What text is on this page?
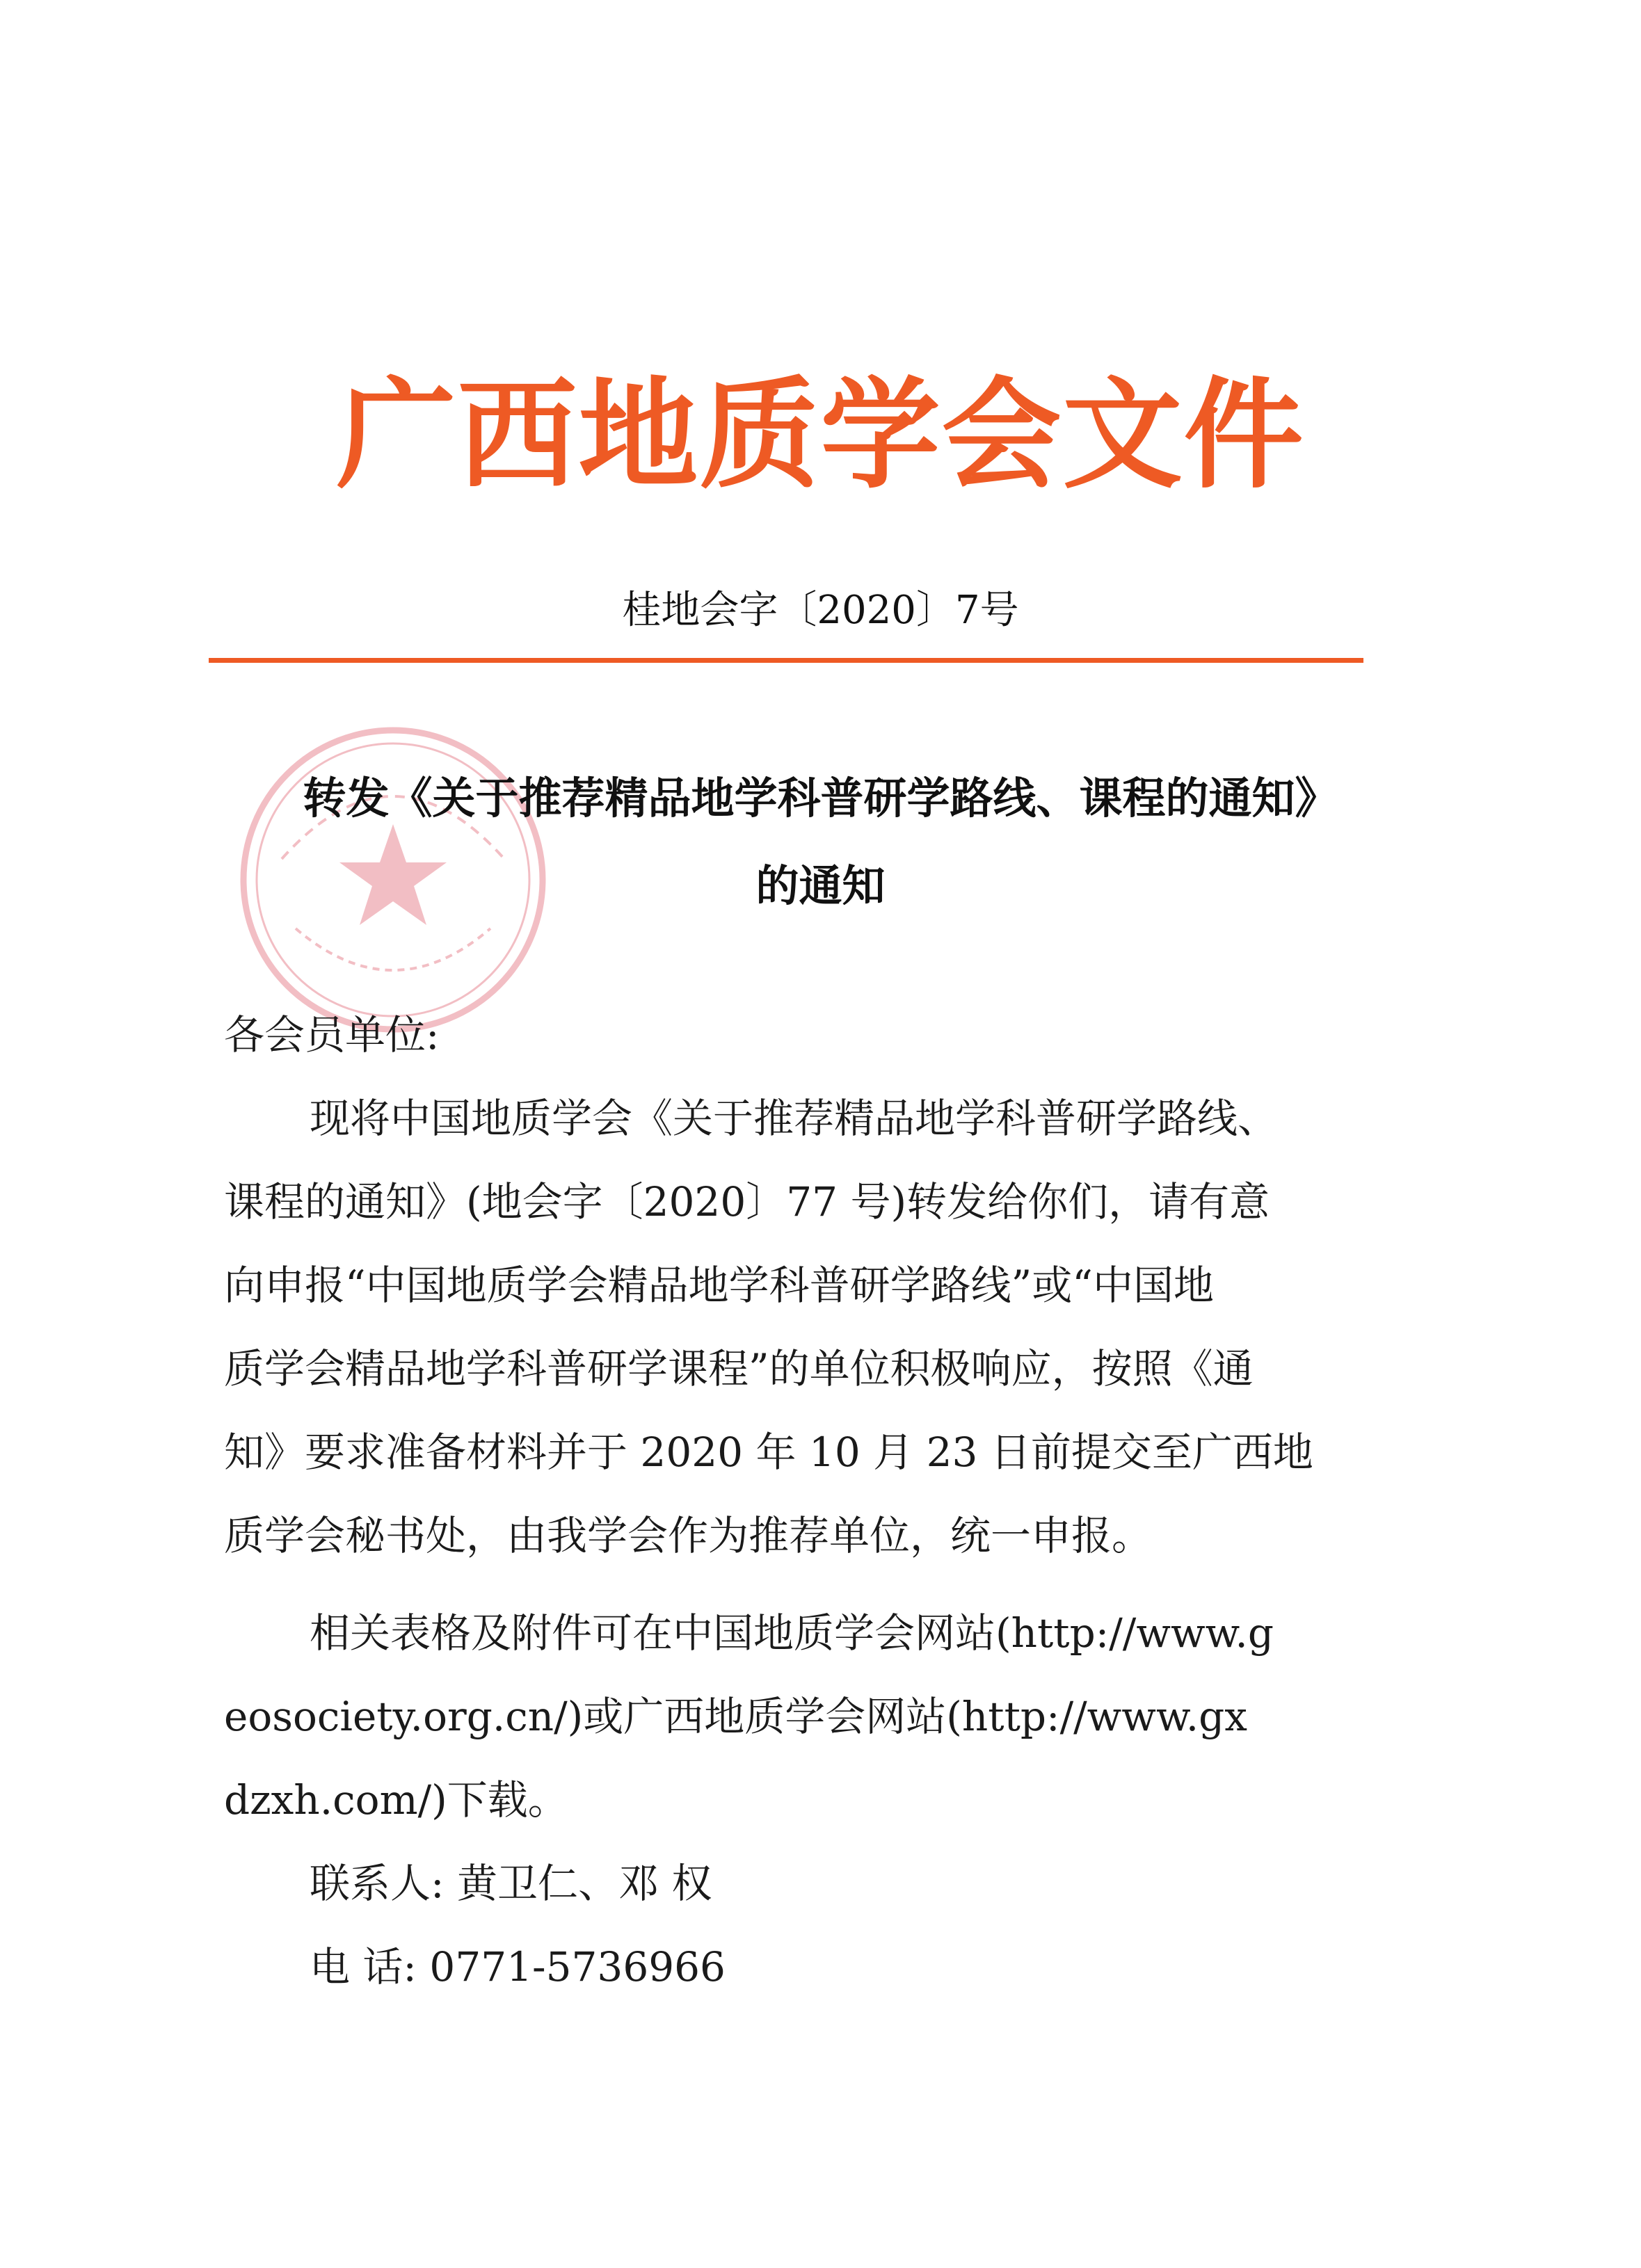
广西地质学会文件
桂地会字〔2020〕7号
转发《关于推荐精品地学科普研学路线、课程的通知》
的通知
各会员单位:
现将中国地质学会《关于推荐精品地学科普研学路线、
课程的通知》(地会字〔2020〕77 号)转发给你们，请有意
向申报“中国地质学会精品地学科普研学路线”或“中国地
质学会精品地学科普研学课程”的单位积极响应，按照《通
知》要求准备材料并于 2020 年 10 月 23 日前提交至广西地
质学会秘书处，由我学会作为推荐单位，统一申报。
相关表格及附件可在中国地质学会网站(http://www.g
eosociety.org.cn/)或广西地质学会网站(http://www.gx
dzxh.com/)下载。
联系人: 黄卫仁、邓 权
电 话: 0771-5736966
